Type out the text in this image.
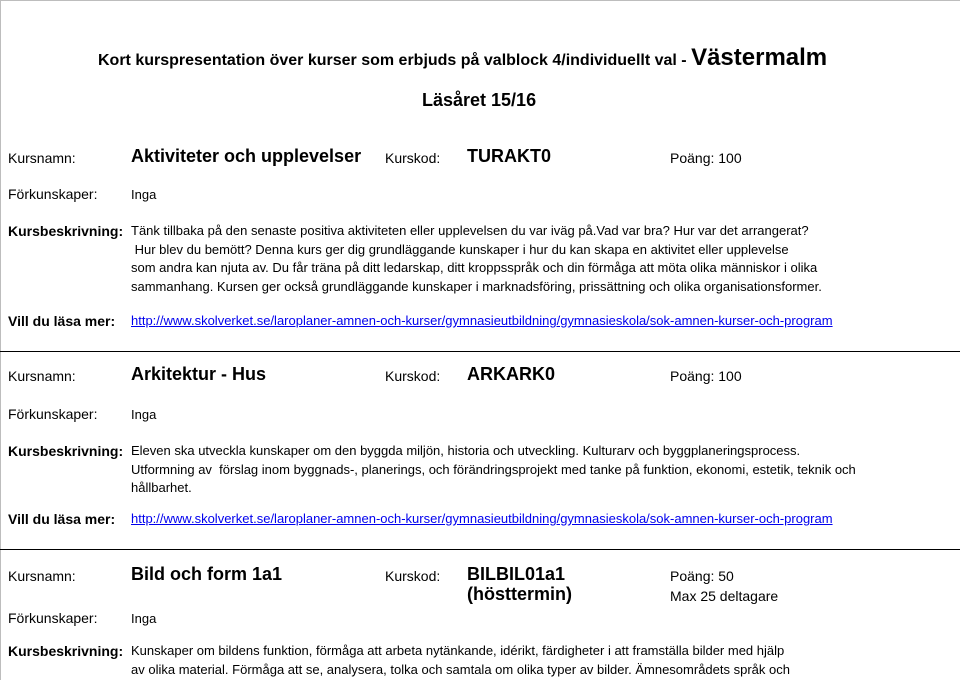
Kort kurspresentation över kurser som erbjuds på valblock 4/individuellt val - Västermalm
Läsåret 15/16
Kursnamn:	Aktiviteter och upplevelser Kurskod: TURAKT0	Poäng: 100
Förkunskaper:	Inga
Kursbeskrivning: Tänk tillbaka på den senaste positiva aktiviteten eller upplevelsen du var iväg på.Vad var bra? Hur var det arrangerat?

Hur blev du bemött? Denna kurs ger dig grundläggande kunskaper i hur du kan skapa en aktivitet eller upplevelse

som andra kan njuta av. Du får träna på ditt ledarskap, ditt kroppsspråk och din förmåga att möta olika människor i olika

sammanhang. Kursen ger också grundläggande kunskaper i marknadsföring, prissättning och olika organisationsformer.

Vill du läsa mer: http://www.skolverket.se/laroplaner-amnen-och-kurser/gymnasieutbildning/gymnasieskola/sok-amnen-kurser-och-program
Kursnamn:	Arkitektur - Hus	Kurskod: ARKARK0	Poäng: 100
Förkunskaper:	Inga
Kursbeskrivning: Eleven ska utveckla kunskaper om den byggda miljön, historia och utveckling. Kulturarv och byggplaneringsprocess.

Utformning av  förslag inom byggnads-, planerings, och förändringsprojekt med tanke på funktion, ekonomi, estetik, teknik och

hållbarhet.

Vill du läsa mer: http://www.skolverket.se/laroplaner-amnen-och-kurser/gymnasieutbildning/gymnasieskola/sok-amnen-kurser-och-program
Kursnamn:	Bild och form 1a1	Kurskod: BILBIL01a1
(hösttermin)
Poäng: 50
Max 25 deltagare
Förkunskaper:	Inga
Kursbeskrivning: Kunskaper om bildens funktion, förmåga att arbeta nytänkande, idérikt, färdigheter i att framställa bilder med hjälp

av olika material. Förmåga att se, analysera, tolka och samtala om olika typer av bilder. Ämnesområdets språk och
